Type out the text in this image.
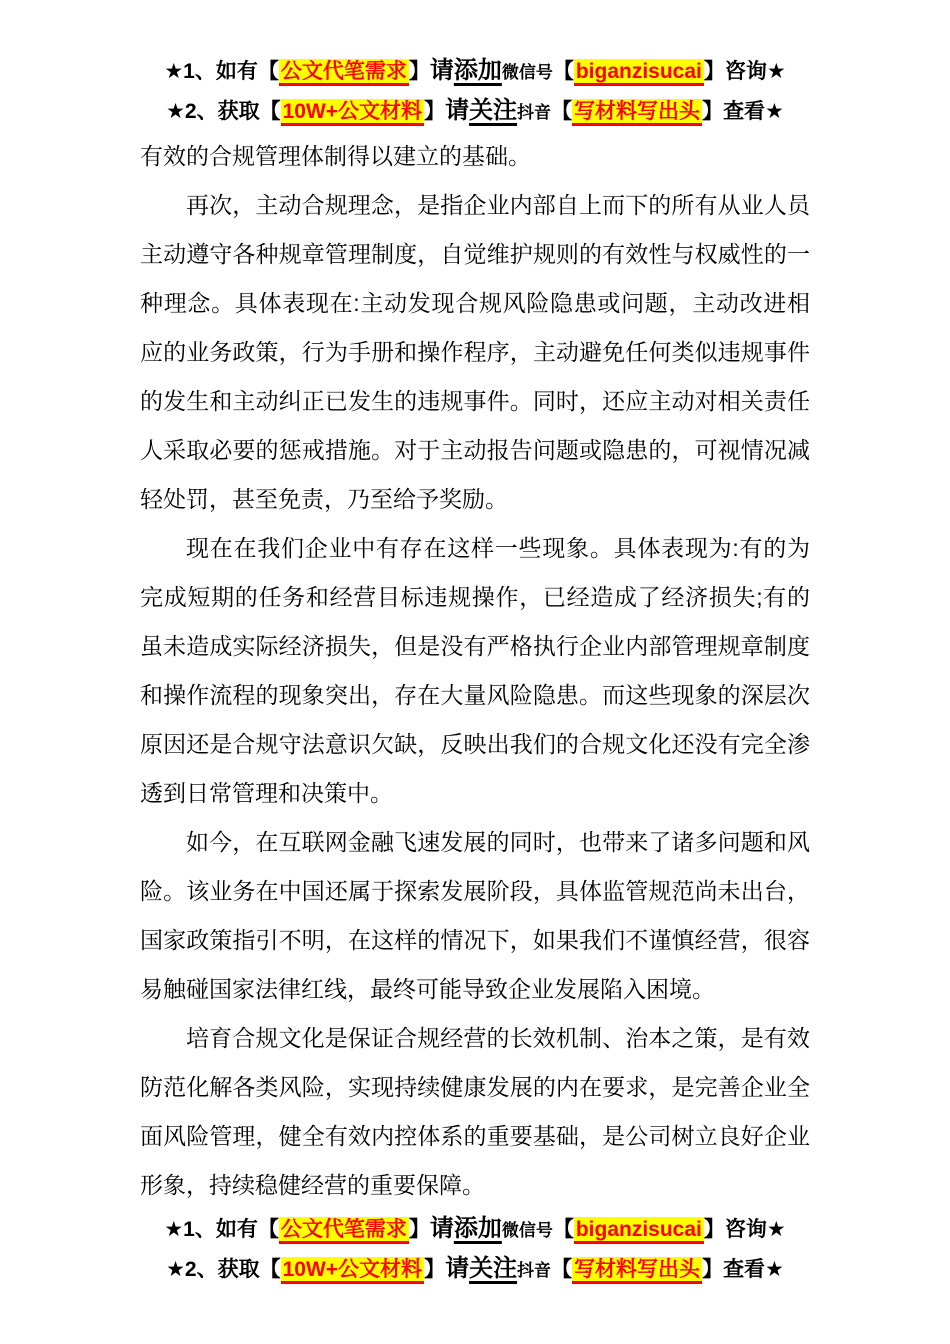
★1、如有【公文代笔需求】请添加微信号【biganzisucai】咨询★
★2、获取【10W+公文材料】请关注抖音【写材料写出头】查看★

有效的合规管理体制得以建立的基础。

再次，主动合规理念，是指企业内部自上而下的所有从业人员主动遵守各种规章管理制度，自觉维护规则的有效性与权威性的一种理念。具体表现在:主动发现合规风险隐患或问题，主动改进相应的业务政策，行为手册和操作程序，主动避免任何类似违规事件的发生和主动纠正已发生的违规事件。同时，还应主动对相关责任人采取必要的惩戒措施。对于主动报告问题或隐患的，可视情况减轻处罚，甚至免责，乃至给予奖励。

现在在我们企业中有存在这样一些现象。具体表现为:有的为完成短期的任务和经营目标违规操作，已经造成了经济损失;有的虽未造成实际经济损失，但是没有严格执行企业内部管理规章制度和操作流程的现象突出，存在大量风险隐患。而这些现象的深层次原因还是合规守法意识欠缺，反映出我们的合规文化还没有完全渗透到日常管理和决策中。

如今，在互联网金融飞速发展的同时，也带来了诸多问题和风险。该业务在中国还属于探索发展阶段，具体监管规范尚未出台，国家政策指引不明，在这样的情况下，如果我们不谨慎经营，很容易触碰国家法律红线，最终可能导致企业发展陷入困境。

培育合规文化是保证合规经营的长效机制、治本之策，是有效防范化解各类风险，实现持续健康发展的内在要求，是完善企业全面风险管理，健全有效内控体系的重要基础，是公司树立良好企业形象，持续稳健经营的重要保障。

★1、如有【公文代笔需求】请添加微信号【biganzisucai】咨询★
★2、获取【10W+公文材料】请关注抖音【写材料写出头】查看★
